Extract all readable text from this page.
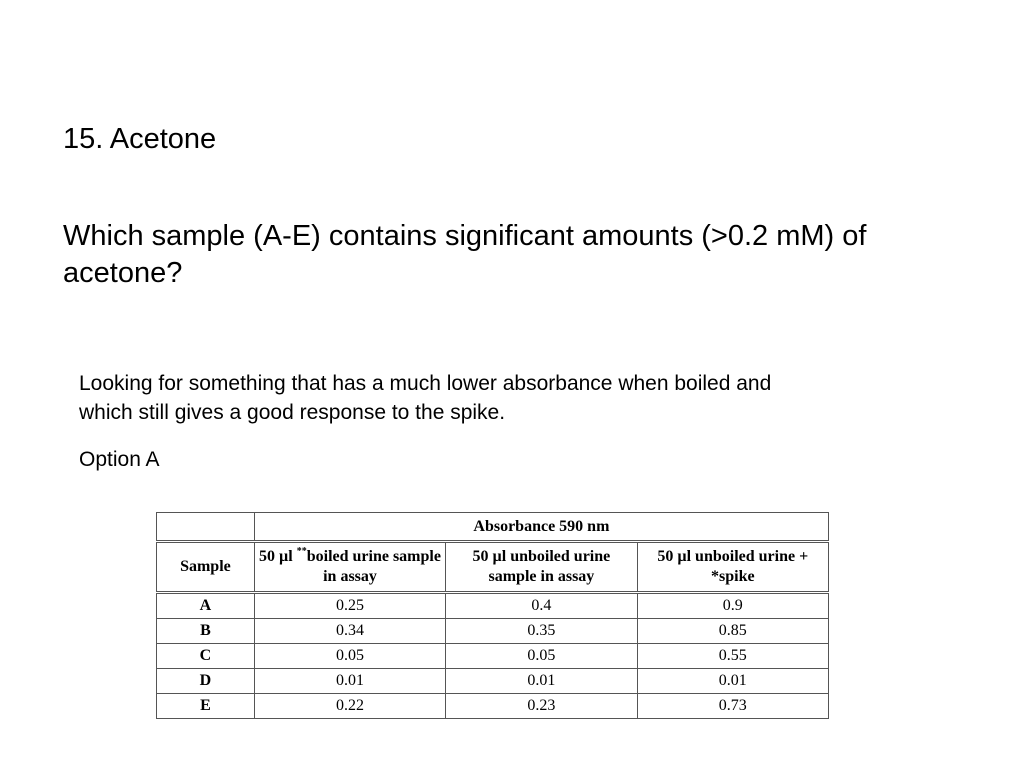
15. Acetone

Which sample (A-E) contains significant amounts (>0.2 mM) of acetone?

Looking for something that has a much lower absorbance when boiled and which still gives a good response to the spike.

Option A

	Absorbance 590 nm		
Sample	50 µl **boiled urine sample in assay	50 µl unboiled urine sample in assay	50 µl unboiled urine + *spike
A	0.25	0.4	0.9
B	0.34	0.35	0.85
C	0.05	0.05	0.55
D	0.01	0.01	0.01
E	0.22	0.23	0.73
